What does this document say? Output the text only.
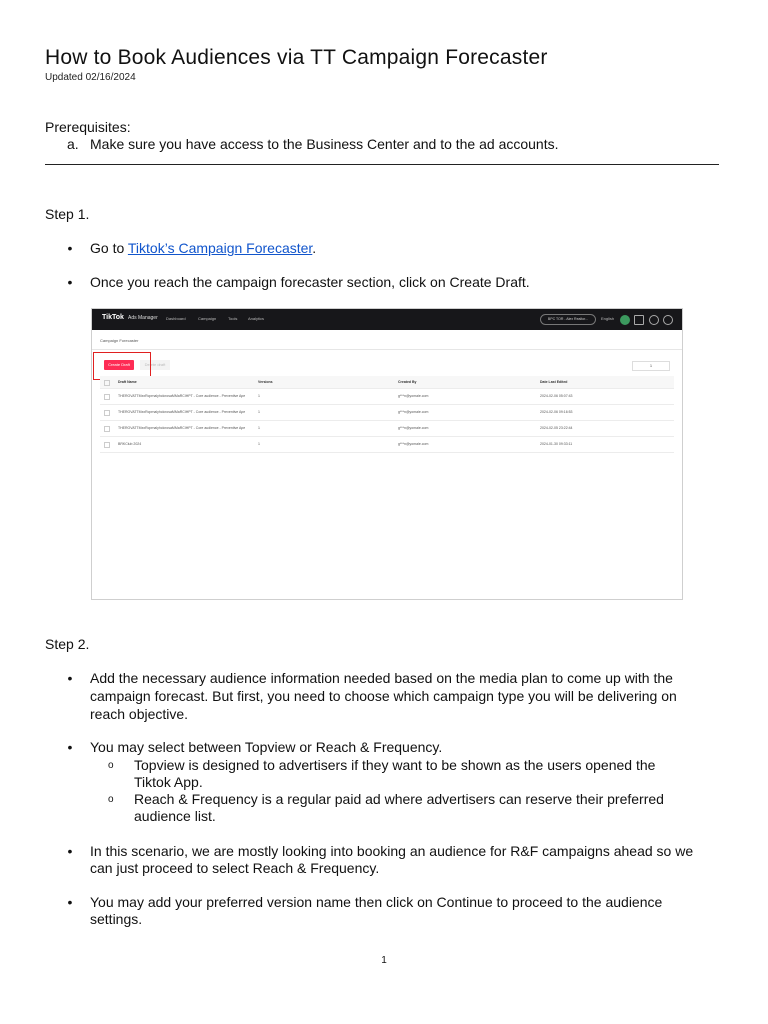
How to Book Audiences via TT Campaign Forecaster
Updated 02/16/2024
Prerequisites:
a. Make sure you have access to the Business Center and to the ad accounts.
Step 1.
• Go to Tiktok’s Campaign Forecaster.
• Once you reach the campaign forecaster section, click on Create Draft.
TikTok Ads Manager Dashboard	Campaign	Tools	Analytics	BPC TOR - Alex Realtor...	English
Campaign Forecaster
Create Draft	Delete draft	1
Draft Name	Versions	Created By	Date Last Edited
THEROVATTMxxRcprnalyhclcrosaMMaRCIHPT - Core audience - Preventive Ape	1	g***n@yomaie.com	2024-02-06 05:07:43
THEROVATTMxxRcprnalyhclcrosaMMaRCIHPT - Core audience - Preventive Ape	1	g***n@yomaie.com	2024-02-06 09:16:53
THEROVATTMxxRcprnalyhclcrosaMMaRCIHPT - Core audience - Preventive Ape	1	g***n@yomaie.com	2024-02-05 23:22:44
BRKClub 2024	1	g***n@yomaie.com	2024-01-30 09:33:11
Step 2.
• Add the necessary audience information needed based on the media plan to come up with the
campaign forecast. But first, you need to choose which campaign type you will be delivering on
reach objective.
• You may select between Topview or Reach & Frequency.
o Topview is designed to advertisers if they want to be shown as the users opened the
Tiktok App.
o Reach & Frequency is a regular paid ad where advertisers can reserve their preferred
audience list.
• In this scenario, we are mostly looking into booking an audience for R&F campaigns ahead so we
can just proceed to select Reach & Frequency.
• You may add your preferred version name then click on Continue to proceed to the audience
settings.
1
